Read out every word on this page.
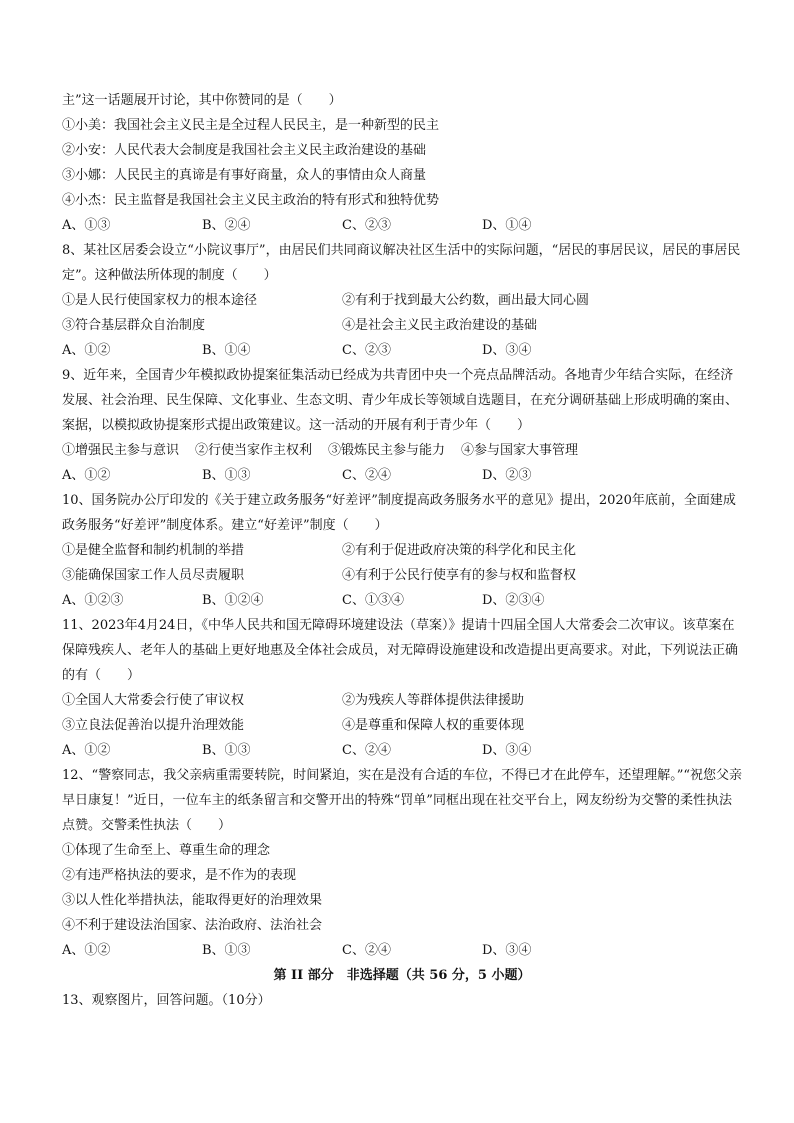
主”这一话题展开讨论，其中你赞同的是（　　）
①小美：我国社会主义民主是全过程人民民主，是一种新型的民主
②小安：人民代表大会制度是我国社会主义民主政治建设的基础
③小娜：人民民主的真谛是有事好商量，众人的事情由众人商量
④小杰：民主监督是我国社会主义民主政治的特有形式和独特优势
A、①③	B、②④	C、②③	D、①④
8、某社区居委会设立“小院议事厅”，由居民们共同商议解决社区生活中的实际问题，“居民的事居民议，居民的事居民定”。这种做法所体现的制度（　　）
①是人民行使国家权力的根本途径	②有利于找到最大公约数，画出最大同心圆
③符合基层群众自治制度	④是社会主义民主政治建设的基础
A、①②	B、①④	C、②③	D、③④
9、近年来，全国青少年模拟政协提案征集活动已经成为共青团中央一个亮点品牌活动。各地青少年结合实际，在经济发展、社会治理、民生保障、文化事业、生态文明、青少年成长等领域自选题目，在充分调研基础上形成明确的案由、案据，以模拟政协提案形式提出政策建议。这一活动的开展有利于青少年（　　）
①增强民主参与意识 ②行使当家作主权利 ③锻炼民主参与能力 ④参与国家大事管理
A、①②	B、①③	C、②④	D、②③
10、国务院办公厅印发的《关于建立政务服务“好差评”制度提高政务服务水平的意见》提出，2020年底前，全面建成政务服务“好差评”制度体系。建立“好差评”制度（　　）
①是健全监督和制约机制的举措	②有利于促进政府决策的科学化和民主化
③能确保国家工作人员尽责履职	④有利于公民行使享有的参与权和监督权
A、①②③	B、①②④	C、①③④	D、②③④
11、2023年4月24日，《中华人民共和国无障碍环境建设法（草案）》提请十四届全国人大常委会二次审议。该草案在保障残疾人、老年人的基础上更好地惠及全体社会成员，对无障碍设施建设和改造提出更高要求。对此，下列说法正确的有（　　）
①全国人大常委会行使了审议权	②为残疾人等群体提供法律援助
③立良法促善治以提升治理效能	④是尊重和保障人权的重要体现
A、①②	B、①③	C、②④	D、③④
12、“警察同志，我父亲病重需要转院，时间紧迫，实在是没有合适的车位，不得已才在此停车，还望理解。”“祝您父亲早日康复！”近日，一位车主的纸条留言和交警开出的特殊“罚单”同框出现在社交平台上，网友纷纷为交警的柔性执法点赞。交警柔性执法（　　）
①体现了生命至上、尊重生命的理念
②有违严格执法的要求，是不作为的表现
③以人性化举措执法，能取得更好的治理效果
④不利于建设法治国家、法治政府、法治社会
A、①②	B、①③	C、②④	D、③④
第 II 部分　非选择题（共 56 分，5 小题）
13、观察图片，回答问题。（10分）
